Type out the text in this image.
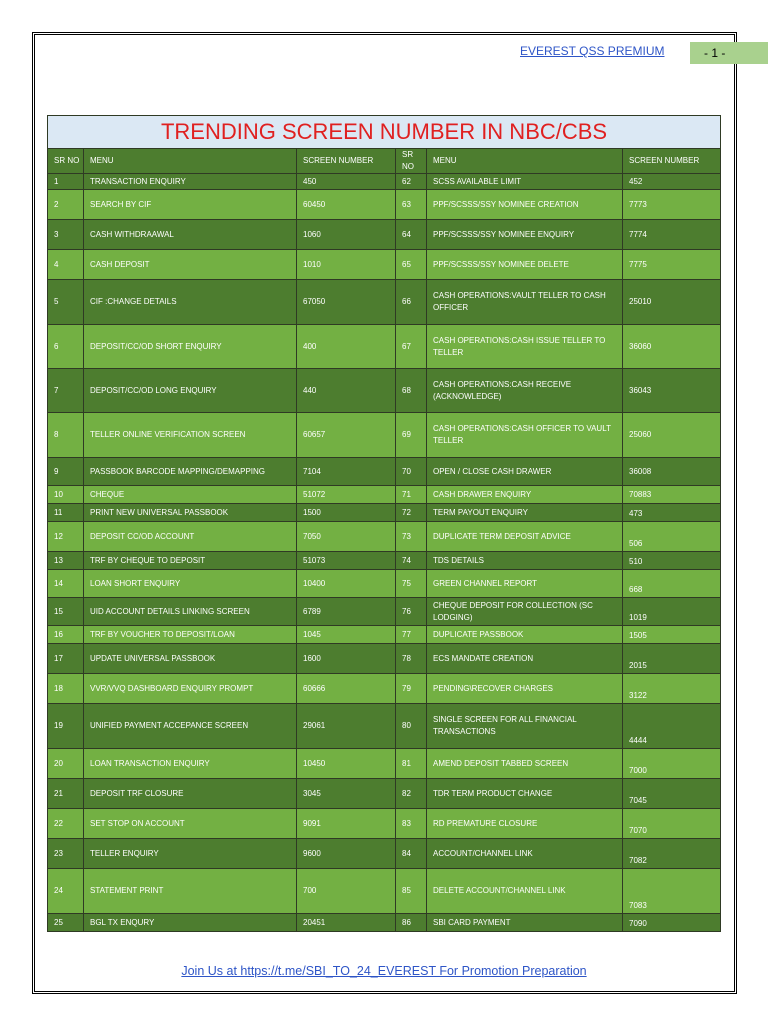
EVEREST QSS PREMIUM	- 1 -
TRENDING SCREEN NUMBER IN NBC/CBS					
SR NO	MENU	SCREEN NUMBER	SR NO	MENU	SCREEN NUMBER
1	TRANSACTION ENQUIRY	450	62	SCSS AVAILABLE LIMIT	452
2	SEARCH BY CIF	60450	63	PPF/SCSSS/SSY NOMINEE CREATION	7773
3	CASH WITHDRAAWAL	1060	64	PPF/SCSSS/SSY NOMINEE ENQUIRY	7774
4	CASH DEPOSIT	1010	65	PPF/SCSSS/SSY NOMINEE DELETE	7775
5	CIF :CHANGE DETAILS	67050	66	CASH OPERATIONS:VAULT TELLER TO CASH OFFICER	25010
6	DEPOSIT/CC/OD SHORT ENQUIRY	400	67	CASH OPERATIONS:CASH ISSUE TELLER TO TELLER	36060
7	DEPOSIT/CC/OD LONG ENQUIRY	440	68	CASH OPERATIONS:CASH RECEIVE (ACKNOWLEDGE)	36043
8	TELLER ONLINE VERIFICATION SCREEN	60657	69	CASH OPERATIONS:CASH OFFICER TO VAULT TELLER	25060
9	PASSBOOK BARCODE MAPPING/DEMAPPING	7104	70	OPEN / CLOSE CASH DRAWER	36008
10	CHEQUE	51072	71	CASH DRAWER ENQUIRY	70883
11	PRINT NEW UNIVERSAL PASSBOOK	1500	72	TERM PAYOUT ENQUIRY	473
12	DEPOSIT CC/OD ACCOUNT	7050	73	DUPLICATE TERM DEPOSIT ADVICE	506
13	TRF BY CHEQUE TO DEPOSIT	51073	74	TDS DETAILS	510
14	LOAN SHORT ENQUIRY	10400	75	GREEN CHANNEL REPORT	668
15	UID ACCOUNT DETAILS LINKING SCREEN	6789	76	CHEQUE DEPOSIT FOR COLLECTION (SC LODGING)	1019
16	TRF BY VOUCHER TO DEPOSIT/LOAN	1045	77	DUPLICATE PASSBOOK	1505
17	UPDATE UNIVERSAL PASSBOOK	1600	78	ECS MANDATE CREATION	2015
18	VVR/VVQ DASHBOARD ENQUIRY PROMPT	60666	79	PENDING\RECOVER CHARGES	3122
19	UNIFIED PAYMENT ACCEPANCE SCREEN	29061	80	SINGLE SCREEN FOR ALL FINANCIAL TRANSACTIONS	4444
20	LOAN TRANSACTION ENQUIRY	10450	81	AMEND DEPOSIT TABBED SCREEN	7000
21	DEPOSIT TRF CLOSURE	3045	82	TDR TERM PRODUCT CHANGE	7045
22	SET STOP ON ACCOUNT	9091	83	RD PREMATURE CLOSURE	7070
23	TELLER ENQUIRY	9600	84	ACCOUNT/CHANNEL LINK	7082
24	STATEMENT PRINT	700	85	DELETE ACCOUNT/CHANNEL LINK	7083
25	BGL TX ENQURY	20451	86	SBI CARD PAYMENT	7090
Join Us at https://t.me/SBI_TO_24_EVEREST For Promotion Preparation
